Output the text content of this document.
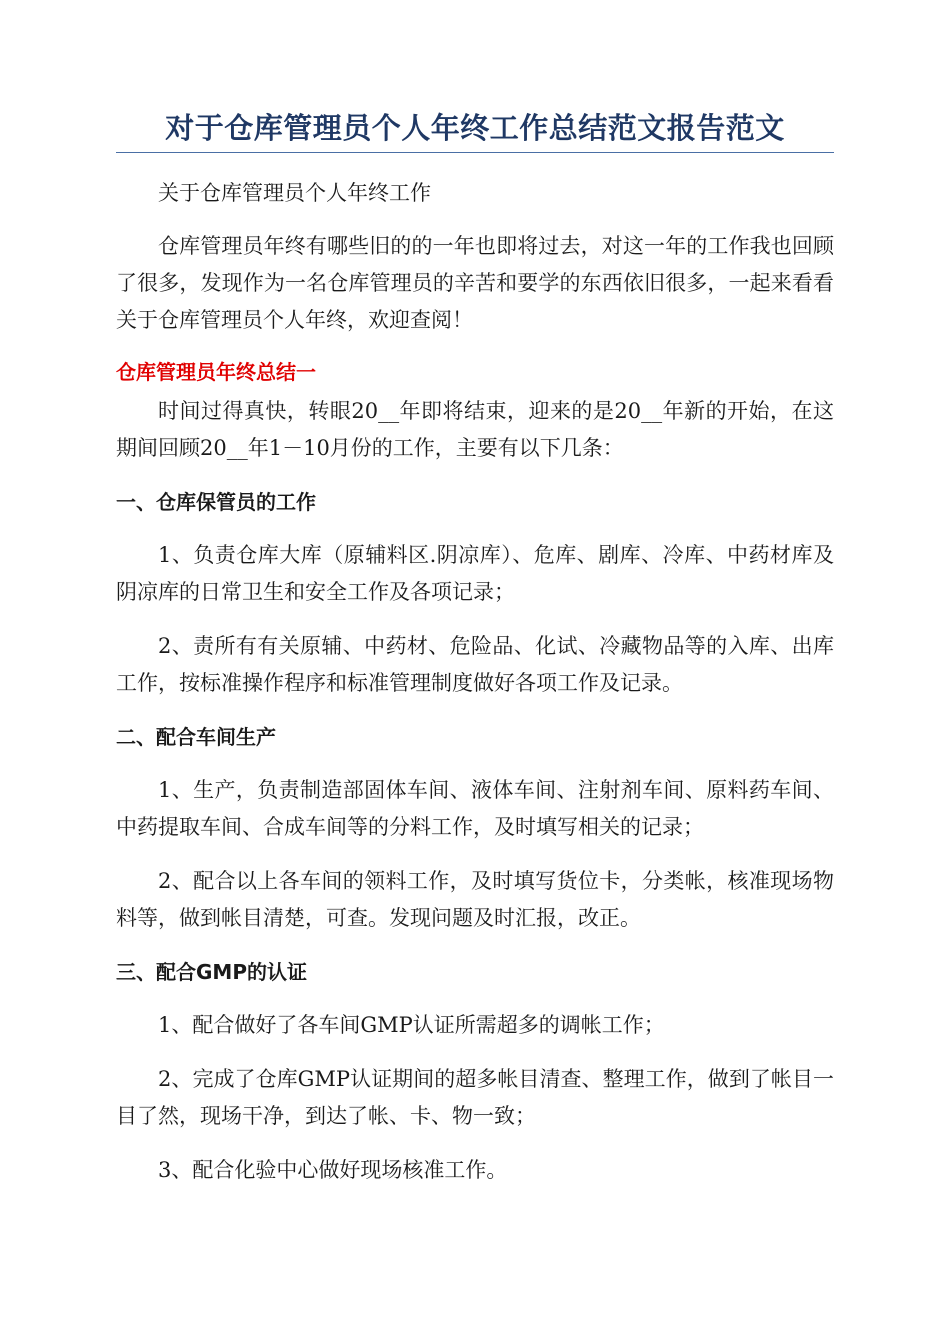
对于仓库管理员个人年终工作总结范文报告范文

关于仓库管理员个人年终工作

仓库管理员年终有哪些旧的的一年也即将过去，对这一年的工作我也回顾了很多，发现作为一名仓库管理员的辛苦和要学的东西依旧很多，一起来看看关于仓库管理员个人年终，欢迎查阅！

仓库管理员年终总结一

时间过得真快，转眼20__年即将结束，迎来的是20__年新的开始，在这期间回顾20__年1－10月份的工作，主要有以下几条：

一、仓库保管员的工作

1、负责仓库大库（原辅料区.阴凉库）、危库、剧库、冷库、中药材库及阴凉库的日常卫生和安全工作及各项记录；

2、责所有有关原辅、中药材、危险品、化试、冷藏物品等的入库、出库工作，按标准操作程序和标准管理制度做好各项工作及记录。

二、配合车间生产

1、生产，负责制造部固体车间、液体车间、注射剂车间、原料药车间、中药提取车间、合成车间等的分料工作，及时填写相关的记录；

2、配合以上各车间的领料工作，及时填写货位卡，分类帐，核准现场物料等，做到帐目清楚，可查。发现问题及时汇报，改正。

三、配合GMP的认证

1、配合做好了各车间GMP认证所需超多的调帐工作；

2、完成了仓库GMP认证期间的超多帐目清查、整理工作，做到了帐目一目了然，现场干净，到达了帐、卡、物一致；

3、配合化验中心做好现场核准工作。
